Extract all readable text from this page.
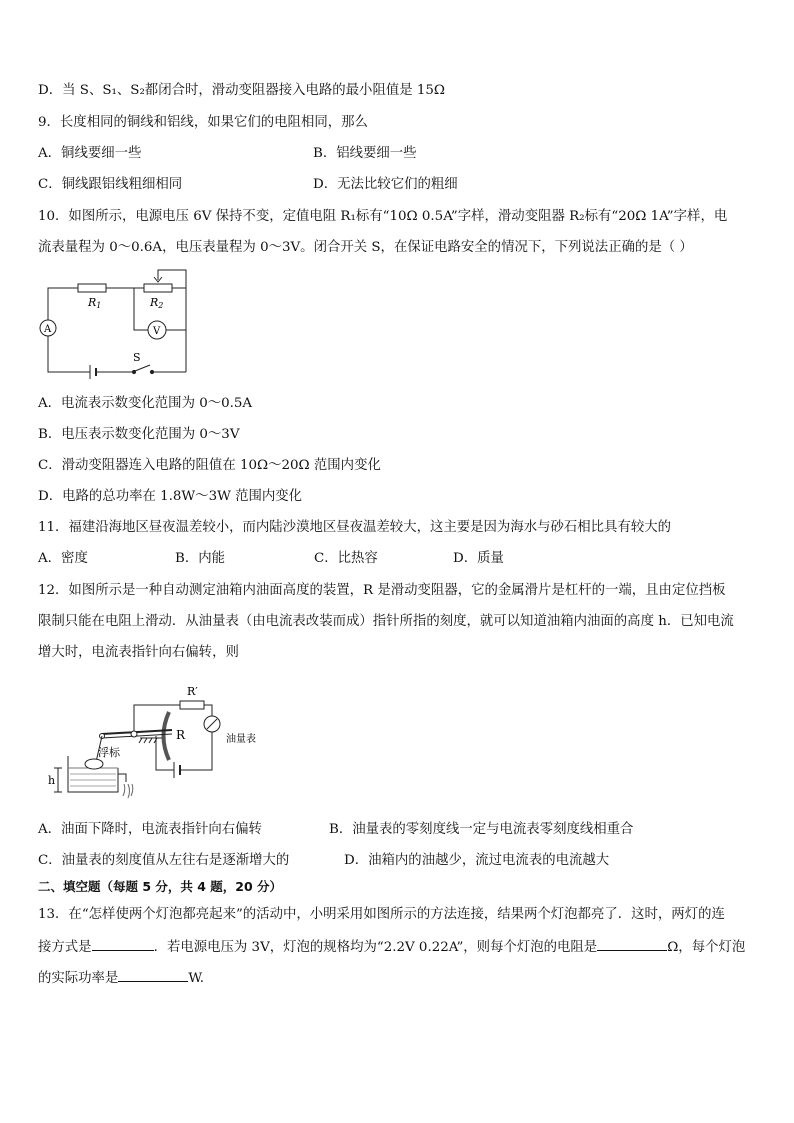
D．当 S、S₁、S₂都闭合时，滑动变阻器接入电路的最小阻值是 15Ω
9．长度相同的铜线和铝线，如果它们的电阻相同，那么
A．铜线要细一些	B．铝线要细一些
C．铜线跟铝线粗细相同	D．无法比较它们的粗细
10．如图所示，电源电压 6V 保持不变，定值电阻 R₁标有“10Ω 0.5A”字样，滑动变阻器 R₂标有“20Ω 1A”字样，电
流表量程为 0～0.6A，电压表量程为 0～3V。闭合开关 S，在保证电路安全的情况下，下列说法正确的是（ ）
R1	R2
A	V
S
A．电流表示数变化范围为 0～0.5A
B．电压表示数变化范围为 0～3V
C．滑动变阻器连入电路的阻值在 10Ω～20Ω 范围内变化
D．电路的总功率在 1.8W～3W 范围内变化
11．福建沿海地区昼夜温差较小，而内陆沙漠地区昼夜温差较大，这主要是因为海水与砂石相比具有较大的
A．密度	B．内能	C．比热容	D．质量
12．如图所示是一种自动测定油箱内油面高度的装置，R 是滑动变阻器，它的金属滑片是杠杆的一端，且由定位挡板
限制只能在电阻上滑动．从油量表（由电流表改装而成）指针所指的刻度，就可以知道油箱内油面的高度 h．已知电流
增大时，电流表指针向右偏转，则
R′
R	油量表
浮标
h
A．油面下降时，电流表指针向右偏转	B．油量表的零刻度线一定与电流表零刻度线相重合
C．油量表的刻度值从左往右是逐渐增大的	D．油箱内的油越少，流过电流表的电流越大
二、填空题（每题 5 分，共 4 题，20 分）
13．在“怎样使两个灯泡都亮起来”的活动中，小明采用如图所示的方法连接，结果两个灯泡都亮了．这时，两灯的连
接方式是	．若电源电压为 3V，灯泡的规格均为“2.2V 0.22A”，则每个灯泡的电阻是	Ω，每个灯泡
的实际功率是	W.
